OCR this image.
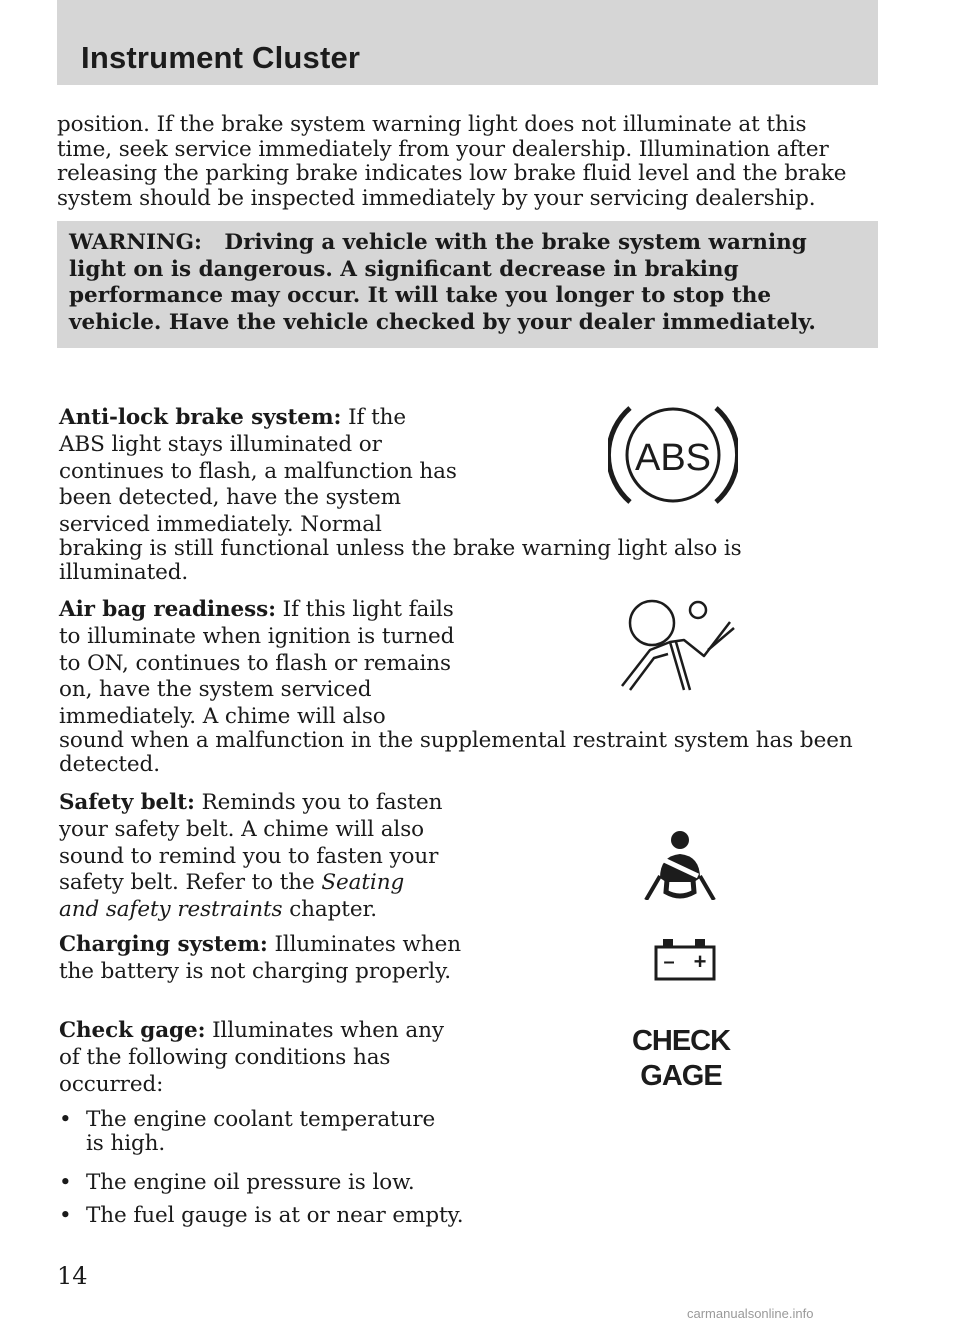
Instrument Cluster
position. If the brake system warning light does not illuminate at this
time, seek service immediately from your dealership. Illumination after
releasing the parking brake indicates low brake fluid level and the brake
system should be inspected immediately by your servicing dealership.
WARNING:   Driving a vehicle with the brake system warning
light on is dangerous. A significant decrease in braking
performance may occur. It will take you longer to stop the
vehicle. Have the vehicle checked by your dealer immediately.
Anti-lock brake system: If the
ABS light stays illuminated or
continues to flash, a malfunction has
been detected, have the system
serviced immediately. Normal
braking is still functional unless the brake warning light also is
illuminated.
ABS
Air bag readiness: If this light fails
to illuminate when ignition is turned
to ON, continues to flash or remains
on, have the system serviced
immediately. A chime will also
sound when a malfunction in the supplemental restraint system has been
detected.
Safety belt: Reminds you to fasten
your safety belt. A chime will also
sound to remind you to fasten your
safety belt. Refer to the Seating
and safety restraints chapter.
Charging system: Illuminates when
the battery is not charging properly.	– +
Check gage: Illuminates when any
of the following conditions has
occurred:
CHECK
GAGE
• The engine coolant temperature
is high.
• The engine oil pressure is low.
• The fuel gauge is at or near empty.
14
carmanualsonline.info
